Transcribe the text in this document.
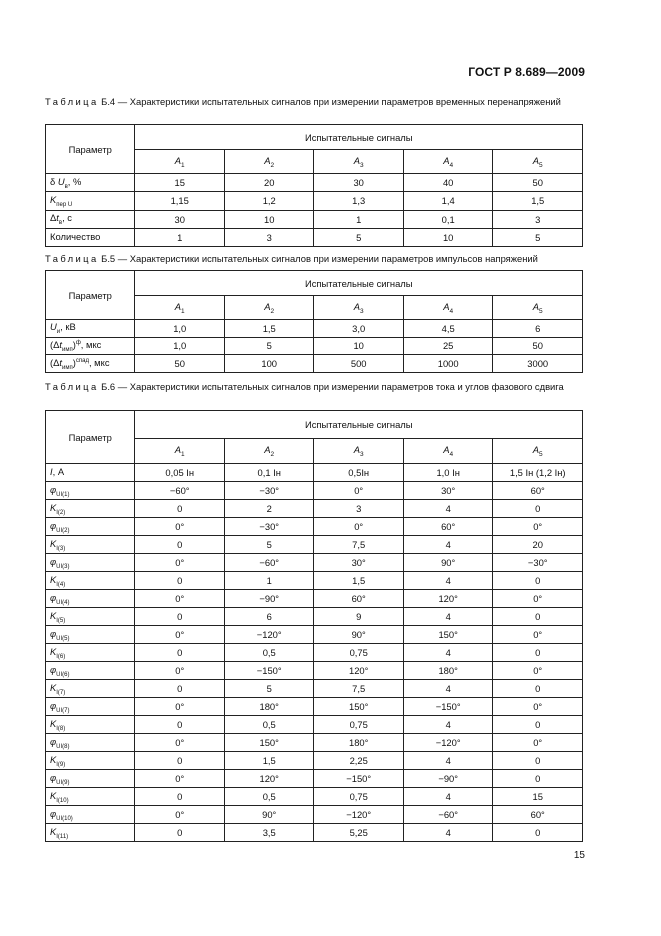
ГОСТ Р 8.689—2009
Таблица Б.4 — Характеристики испытательных сигналов при измерении параметров временных перенапряжений
Параметр	Испытательные сигналы				
	$A_1$	$A_2$	$A_3$	$A_4$	$A_5$
δ $U_в$, %	15	20	30	40	50
$K_{пер U}$	1,15	1,2	1,3	1,4	1,5
$\Delta t_в$, с	30	10	1	0,1	3
Количество	1	3	5	10	5
Таблица Б.5 — Характеристики испытательных сигналов при измерении параметров импульсов напряжений
Параметр	Испытательные сигналы				
	$A_1$	$A_2$	$A_3$	$A_4$	$A_5$
$U_и$, кВ	1,0	1,5	3,0	4,5	6
$(\Delta t_{имп})^ф$, мкс	1,0	5	10	25	50
$(\Delta t_{имп})^{спад}$, мкс	50	100	500	1000	3000
Таблица Б.6 — Характеристики испытательных сигналов при измерении параметров тока и углов фазового сдвига
Параметр	Испытательные сигналы				
	$A_1$	$A_2$	$A_3$	$A_4$	$A_5$
I, А	0,05 Iн	0,1 Iн	0,5Iн	1,0 Iн	1,5 Iн (1,2 Iн)
$\varphi_{UI(1)}$	−60°	−30°	0°	30°	60°
$K_{I(2)}$	0	2	3	4	0
$\varphi_{UI(2)}$	0°	−30°	0°	60°	0°
$K_{I(3)}$	0	5	7,5	4	20
$\varphi_{UI(3)}$	0°	−60°	30°	90°	−30°
$K_{I(4)}$	0	1	1,5	4	0
$\varphi_{UI(4)}$	0°	−90°	60°	120°	0°
$K_{I(5)}$	0	6	9	4	0
$\varphi_{UI(5)}$	0°	−120°	90°	150°	0°
$K_{I(6)}$	0	0,5	0,75	4	0
$\varphi_{UI(6)}$	0°	−150°	120°	180°	0°
$K_{I(7)}$	0	5	7,5	4	0
$\varphi_{UI(7)}$	0°	180°	150°	−150°	0°
$K_{I(8)}$	0	0,5	0,75	4	0
$\varphi_{UI(8)}$	0°	150°	180°	−120°	0°
$K_{I(9)}$	0	1,5	2,25	4	0
$\varphi_{UI(9)}$	0°	120°	−150°	−90°	0
$K_{I(10)}$	0	0,5	0,75	4	15
$\varphi_{UI(10)}$	0°	90°	−120°	−60°	60°
$K_{I(11)}$	0	3,5	5,25	4	0
15
